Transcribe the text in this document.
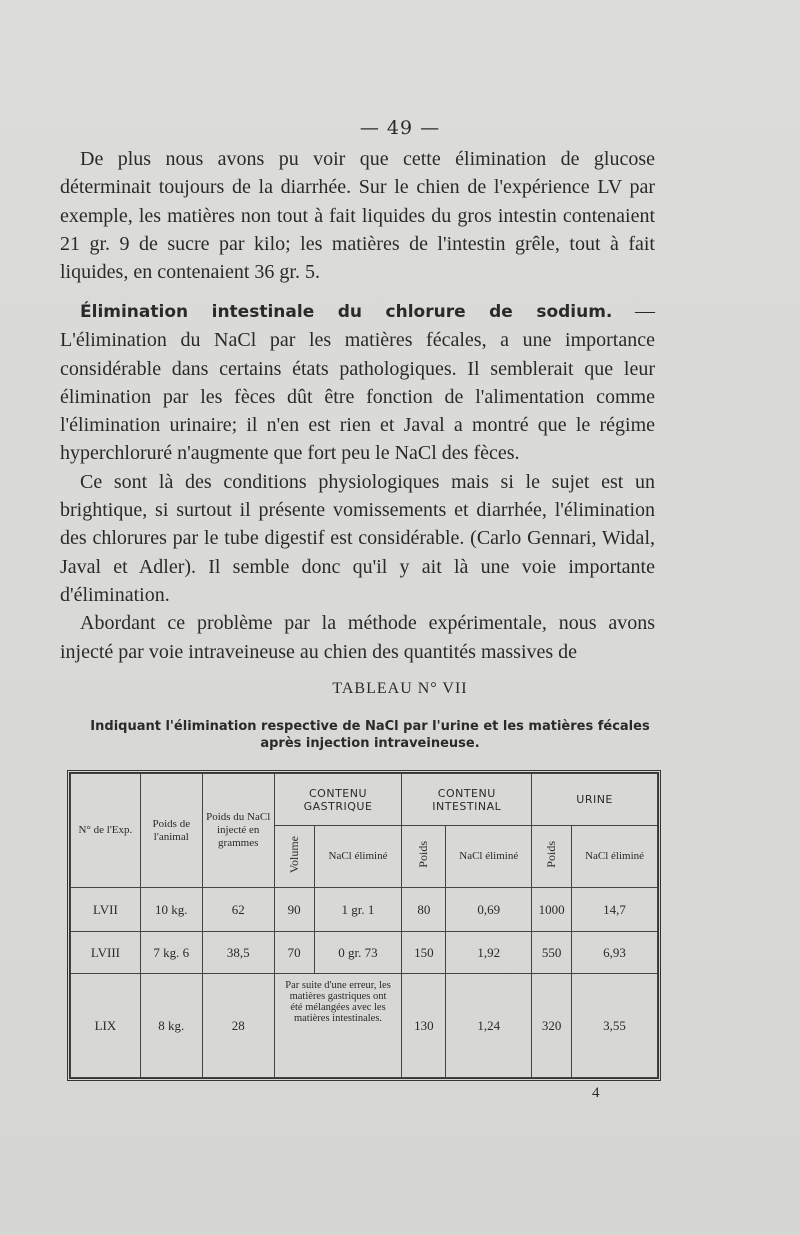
— 49 —

De plus nous avons pu voir que cette élimination de glucose déterminait toujours de la diarrhée. Sur le chien de l'expérience LV par exemple, les matières non tout à fait liquides du gros intestin contenaient 21 gr. 9 de sucre par kilo; les matières de l'intestin grêle, tout à fait liquides, en contenaient 36 gr. 5.

Élimination intestinale du chlorure de sodium. — L'élimination du NaCl par les matières fécales, a une importance considérable dans certains états pathologiques. Il semblerait que leur élimination par les fèces dût être fonction de l'alimentation comme l'élimination urinaire; il n'en est rien et Javal a montré que le régime hyperchloruré n'augmente que fort peu le NaCl des fèces.

Ce sont là des conditions physiologiques mais si le sujet est un brightique, si surtout il présente vomissements et diarrhée, l'élimination des chlorures par le tube digestif est considérable. (Carlo Gennari, Widal, Javal et Adler). Il semble donc qu'il y ait là une voie importante d'élimination.

Abordant ce problème par la méthode expérimentale, nous avons injecté par voie intraveineuse au chien des quantités massives de

TABLEAU N° VII
Indiquant l'élimination respective de NaCl par l'urine et les matières fécales
après injection intraveineuse.
N° de l'Exp.	Poids de l'animal	Poids du NaCl injecté en grammes	CONTENU GASTRIQUE		CONTENU INTESTINAL		URINE	
			Volume	NaCl éliminé	Poids	NaCl éliminé	Poids	NaCl éliminé
LVII	10 kg.	62	90	1 gr. 1	80	0,69	1000	14,7
LVIII	7 kg. 6	38,5	70	0 gr. 73	150	1,92	550	6,93
LIX	8 kg.	28	Par suite d'une erreur, les matières gastriques ont été mélangées avec les matières intestinales.		130	1,24	320	3,55
4
